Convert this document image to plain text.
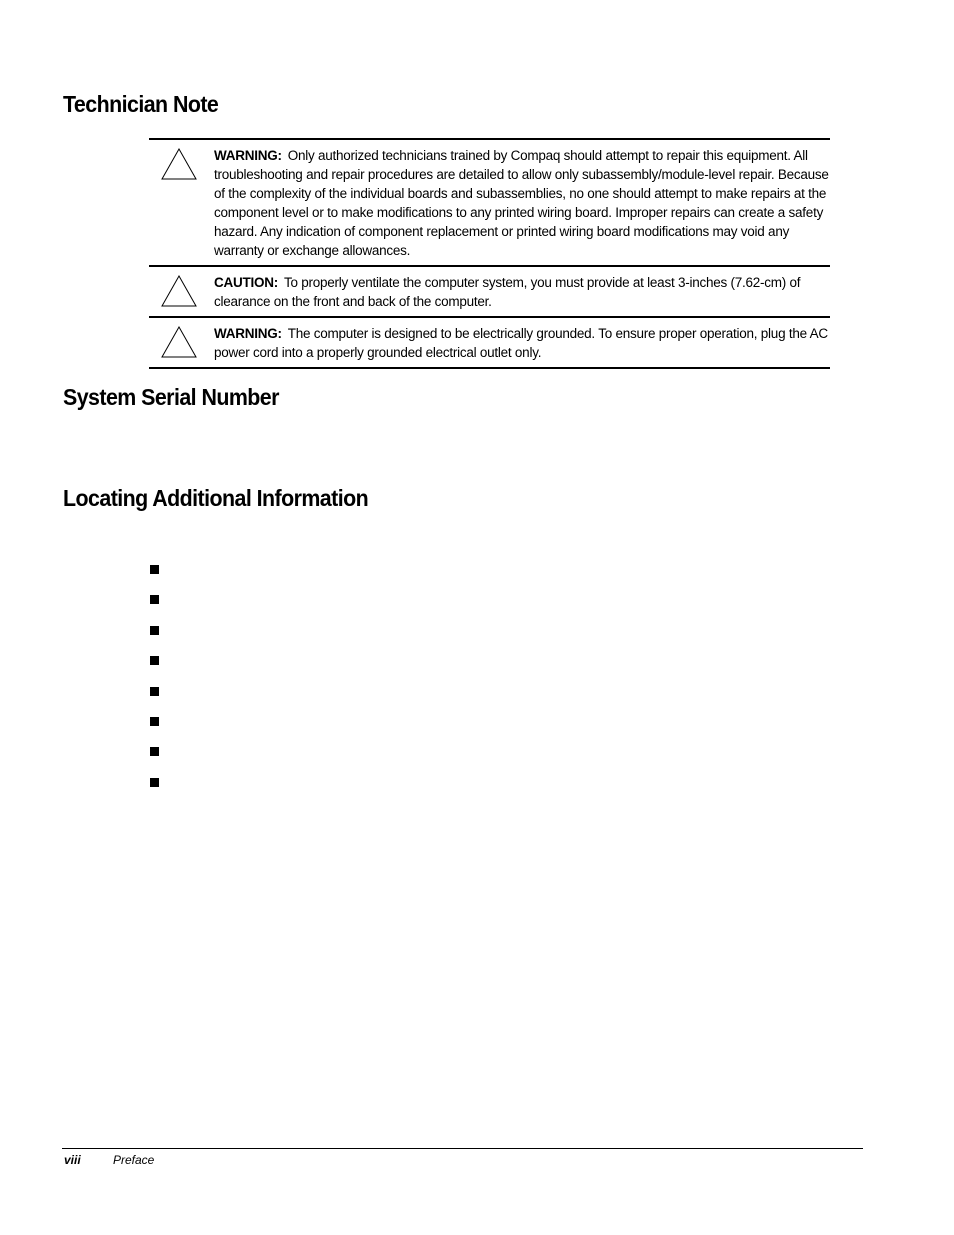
Technician Note
WARNING: Only authorized technicians trained by Compaq should attempt to repair this equipment. All troubleshooting and repair procedures are detailed to allow only subassembly/module-level repair. Because of the complexity of the individual boards and subassemblies, no one should attempt to make repairs at the component level or to make modifications to any printed wiring board. Improper repairs can create a safety hazard. Any indication of component replacement or printed wiring board modifications may void any warranty or exchange allowances.
CAUTION: To properly ventilate the computer system, you must provide at least 3-inches (7.62-cm) of clearance on the front and back of the computer.
WARNING: The computer is designed to be electrically grounded. To ensure proper operation, plug the AC power cord into a properly grounded electrical outlet only.
System Serial Number
Locating Additional Information
viii	Preface
